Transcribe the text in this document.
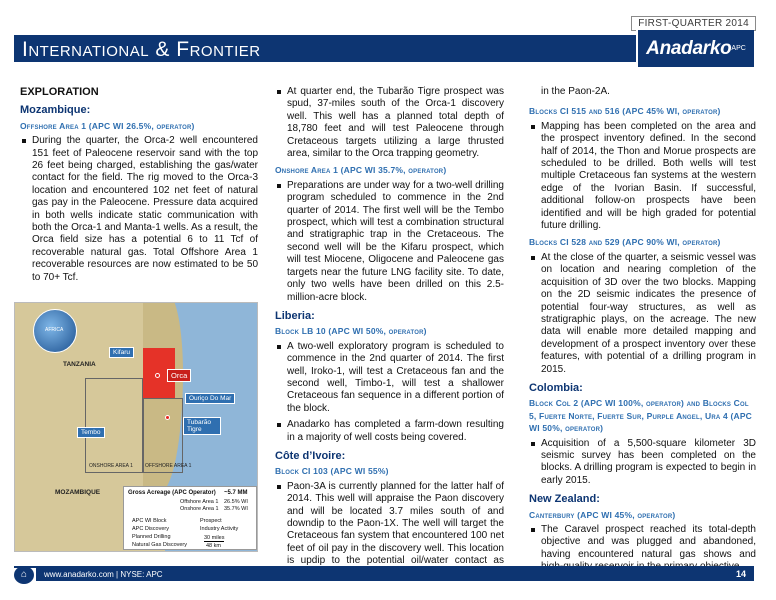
FIRST-QUARTER 2014
International & Frontier	Anadarko APC
EXPLORATION
Mozambique:
Offshore Area 1 (APC WI 26.5%, operator)
During the quarter, the Orca-2 well encountered 151 feet of Paleocene reservoir sand with the top 26 feet being charged, establishing the gas/water contact for the field. The rig moved to the Orca-3 location and encountered 102 net feet of natural gas pay in the Paleocene. Pressure data acquired in both wells indicate static communication with both the Orca-1 and Manta-1 wells. As a result, the Orca field size has a potential 6 to 11 Tcf of recoverable natural gas. Total Offshore Area 1 recoverable resources are now estimated to be 50 to 70+ Tcf.
AFRICA
TANZANIA
MOZAMBIQUE
Kifaru
Orca
Ouriço Do Mar
Tembo
Tubarão Tigre
ONSHORE AREA 1 OFFSHORE AREA 1
Gross Acreage (APC Operator) ~5.7 MM
Offshore Area 1 26.5% WI
Onshore Area 1 35.7% WI
APC WI Block
APC Discovery
Planned Drilling
Natural Gas Discovery
Prospect
Industry Activity
30 miles
48 km
At quarter end, the Tubarão Tigre prospect was spud, 37-miles south of the Orca-1 discovery well. This well has a planned total depth of 18,780 feet and will test Paleocene through Cretaceous targets utilizing a large thrusted area, similar to the Orca trapping geometry.
Onshore Area 1 (APC WI 35.7%, operator)
Preparations are under way for a two-well drilling program scheduled to commence in the 2nd quarter of 2014. The first well will be the Tembo prospect, which will test a combination structural and stratigraphic trap in the Cretaceous. The second well will be the Kifaru prospect, which will test Miocene, Oligocene and Paleocene gas targets near the future LNG facility site. To date, only two wells have been drilled on this 2.5-million-acre block.
Liberia:
Block LB 10 (APC WI 50%, operator)
A two-well exploratory program is scheduled to commence in the 2nd quarter of 2014. The first well, Iroko-1, will test a Cretaceous fan and the second well, Timbo-1, will test a shallower Cretaceous fan sequence in a different portion of the block.
Anadarko has completed a farm-down resulting in a majority of well costs being covered.
Côte d’Ivoire:
Block CI 103 (APC WI 55%)
Paon-3A is currently planned for the latter half of 2014. This well will appraise the Paon discovery and will be located 3.7 miles south of and downdip to the Paon-1X. The well will target the Cretaceous fan system that encountered 100 net feet of oil pay in the discovery well. This location is updip to the potential oil/water contact as
in the Paon-2A.
Blocks CI 515 and 516 (APC 45% WI, operator)
Mapping has been completed on the area and the prospect inventory defined. In the second half of 2014, the Thon and Morue prospects are scheduled to be drilled. Both wells will test multiple Cretaceous fan systems at the western edge of the Ivorian Basin. If successful, additional follow-on prospects have been identified and will be high graded for potential future drilling.
Blocks CI 528 and 529 (APC 90% WI, operator)
At the close of the quarter, a seismic vessel was on location and nearing completion of the acquisition of 3D over the two blocks. Mapping on the 2D seismic indicates the presence of potential four-way structures, as well as stratigraphic plays, on the acreage. The new data will enable more detailed mapping and development of a prospect inventory over these features, with potential of a drilling program in 2015.
Colombia:
Block Col 2 (APC WI 100%, operator) and Blocks Col 5, Fuerte Norte, Fuerte Sur, Purple Angel, Ura 4 (APC WI 50%, operator)
Acquisition of a 5,500-square kilometer 3D seismic survey has been completed on the blocks. A drilling program is expected to begin in early 2015.
New Zealand:
Canterbury (APC WI 45%, operator)
The Caravel prospect reached its total-depth objective and was plugged and abandoned, having encountered natural gas shows and
⌂	www.anadarko.com | NYSE: APC	14
